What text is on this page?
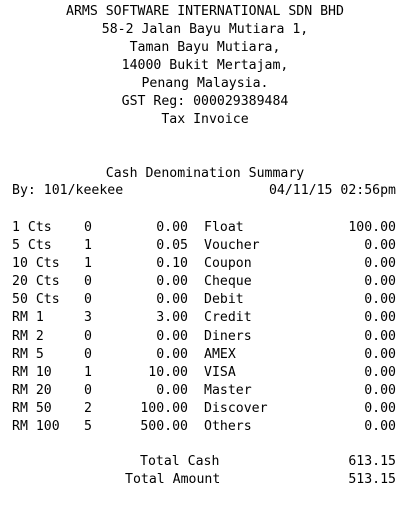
ARMS SOFTWARE INTERNATIONAL SDN BHD
58-2 Jalan Bayu Mutiara 1,
Taman Bayu Mutiara,
14000 Bukit Mertajam,
Penang Malaysia.
GST Reg: 000029389484
Tax Invoice
Cash Denomination Summary
By: 101/keekee	04/11/15 02:56pm
1 Cts 0	0.00 Float	100.00
5 Cts 1	0.05 Voucher	0.00
10 Cts 1	0.10 Coupon	0.00
20 Cts 0	0.00 Cheque	0.00
50 Cts 0	0.00 Debit	0.00
RM 1	3	3.00 Credit	0.00
RM 2	0	0.00 Diners	0.00
RM 5	0	0.00 AMEX	0.00
RM 10 1	10.00 VISA	0.00
RM 20 0	0.00 Master	0.00
RM 50 2	100.00 Discover	0.00
RM 100 5	500.00 Others	0.00
Total Cash	613.15
Total Amount	513.15
